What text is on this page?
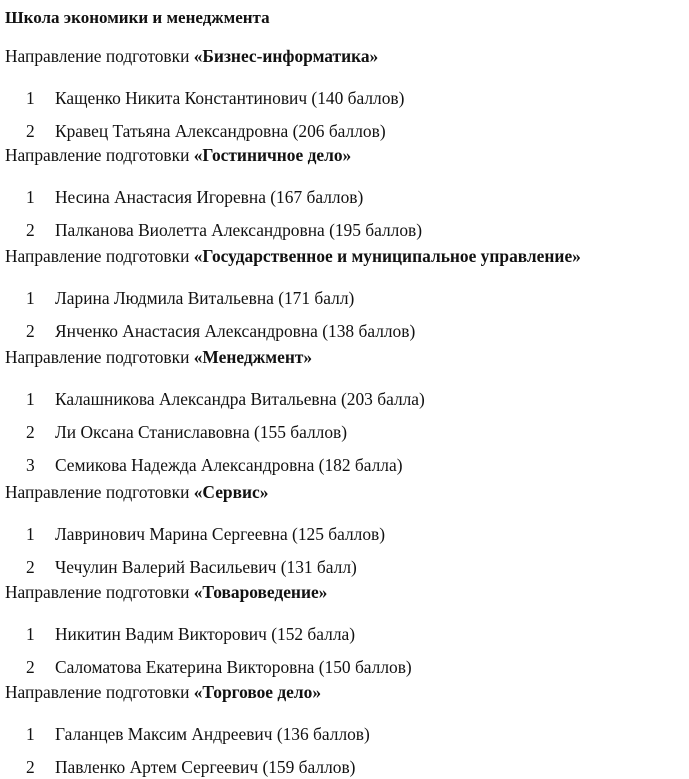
Школа экономики и менеджмента
Направление подготовки «Бизнес-информатика»
1 Кащенко Никита Константинович (140 баллов)
2 Кравец Татьяна Александровна (206 баллов)
Направление подготовки «Гостиничное дело»
1 Несина Анастасия Игоревна (167 баллов)
2 Палканова Виолетта Александровна (195 баллов)
Направление подготовки «Государственное и муниципальное управление»
1 Ларина Людмила Витальевна (171 балл)
2 Янченко Анастасия Александровна (138 баллов)
Направление подготовки «Менеджмент»
1 Калашникова Александра Витальевна (203 балла)
2 Ли Оксана Станиславовна (155 баллов)
3 Семикова Надежда Александровна (182 балла)
Направление подготовки «Сервис»
1 Лавринович Марина Сергеевна (125 баллов)
2 Чечулин Валерий Васильевич (131 балл)
Направление подготовки «Товароведение»
1 Никитин Вадим Викторович (152 балла)
2 Саломатова Екатерина Викторовна (150 баллов)
Направление подготовки «Торговое дело»
1 Галанцев Максим Андреевич (136 баллов)
2 Павленко Артем Сергеевич (159 баллов)
